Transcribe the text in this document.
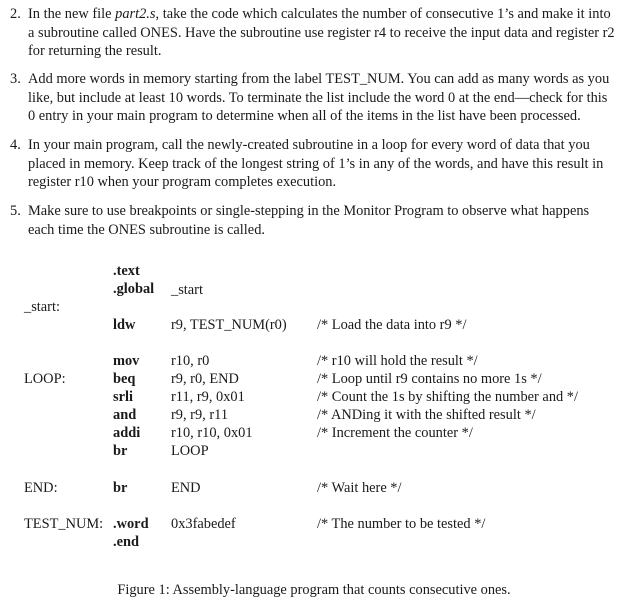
2. In the new file part2.s, take the code which calculates the number of consecutive 1’s and make it into a subroutine called ONES. Have the subroutine use register r4 to receive the input data and register r2 for returning the result.
3. Add more words in memory starting from the label TEST_NUM. You can add as many words as you like, but include at least 10 words. To terminate the list include the word 0 at the end—check for this 0 entry in your main program to determine when all of the items in the list have been processed.
4. In your main program, call the newly-created subroutine in a loop for every word of data that you placed in memory. Keep track of the longest string of 1’s in any of the words, and have this result in register r10 when your program completes execution.
5. Make sure to use breakpoints or single-stepping in the Monitor Program to observe what happens each time the ONES subroutine is called.
.text
.global _start
_start:
ldw r9, TEST_NUM(r0) /* Load the data into r9 */
mov r10, r0	/* r10 will hold the result */
LOOP:	beq r9, r0, END	/* Loop until r9 contains no more 1s */
srli	r11, r9, 0x01	/* Count the 1s by shifting the number and */
and r9, r9, r11	/* ANDing it with the shifted result */
addi r10, r10, 0x01	/* Increment the counter */
br	LOOP
END:	br	END	/* Wait here */
TEST_NUM: .word 0x3fabedef	/* The number to be tested */
.end
Figure 1: Assembly-language program that counts consecutive ones.
